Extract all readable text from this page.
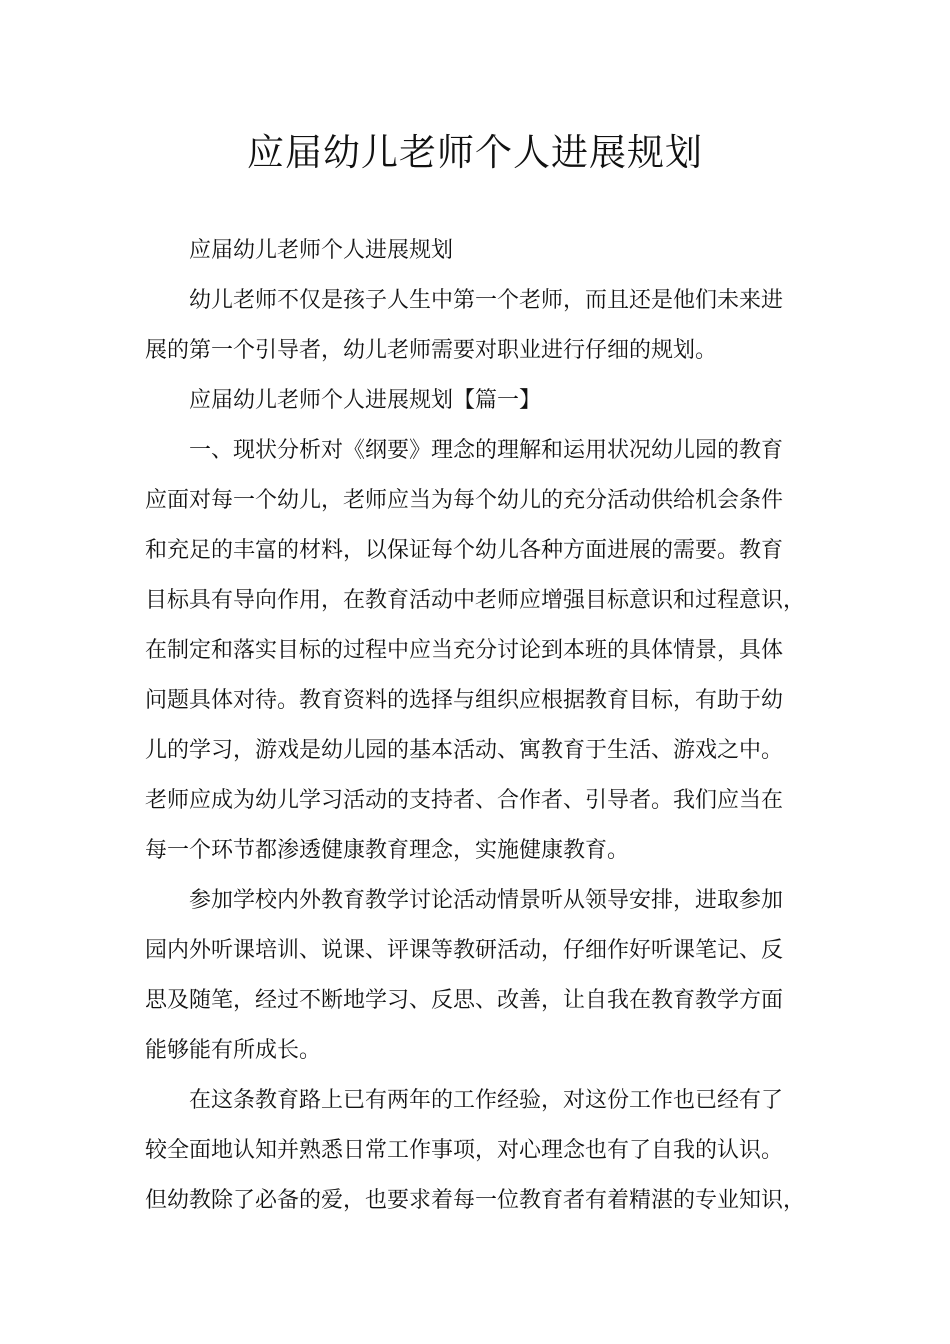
应届幼儿老师个人进展规划
应届幼儿老师个人进展规划
幼儿老师不仅是孩子人生中第一个老师，而且还是他们未来进
展的第一个引导者，幼儿老师需要对职业进行仔细的规划。
应届幼儿老师个人进展规划【篇一】
一、现状分析对《纲要》理念的理解和运用状况幼儿园的教育
应面对每一个幼儿，老师应当为每个幼儿的充分活动供给机会条件
和充足的丰富的材料，以保证每个幼儿各种方面进展的需要。教育
目标具有导向作用，在教育活动中老师应增强目标意识和过程意识，
在制定和落实目标的过程中应当充分讨论到本班的具体情景，具体
问题具体对待。教育资料的选择与组织应根据教育目标，有助于幼
儿的学习，游戏是幼儿园的基本活动、寓教育于生活、游戏之中。
老师应成为幼儿学习活动的支持者、合作者、引导者。我们应当在
每一个环节都渗透健康教育理念，实施健康教育。
参加学校内外教育教学讨论活动情景听从领导安排，进取参加
园内外听课培训、说课、评课等教研活动，仔细作好听课笔记、反
思及随笔，经过不断地学习、反思、改善，让自我在教育教学方面
能够能有所成长。
在这条教育路上已有两年的工作经验，对这份工作也已经有了
较全面地认知并熟悉日常工作事项，对心理念也有了自我的认识。
但幼教除了必备的爱，也要求着每一位教育者有着精湛的专业知识，
